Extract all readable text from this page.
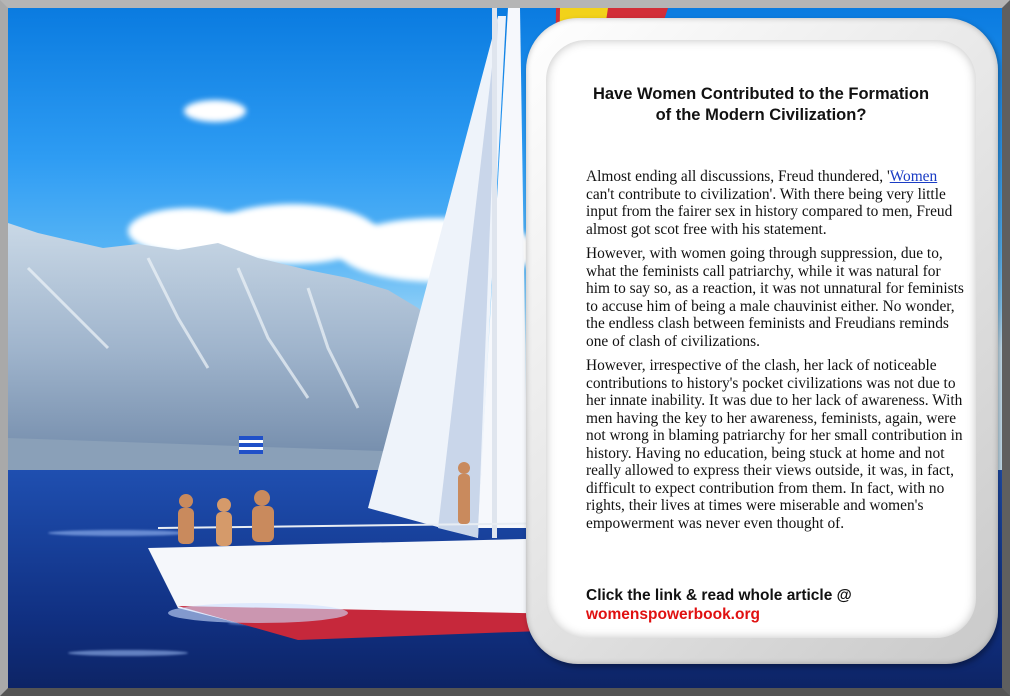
Have Women Contributed to the Formation
of the Modern Civilization?

Almost ending all discussions, Freud thundered, 'Women can't contribute to civilization'. With there being very little input from the fairer sex in history compared to men, Freud almost got scot free with his statement.

However, with women going through suppression, due to, what the feminists call patriarchy, while it was natural for him to say so, as a reaction, it was not unnatural for feminists to accuse him of being a male chauvinist either. No wonder, the endless clash between feminists and Freudians reminds one of clash of civilizations.

However, irrespective of the clash, her lack of noticeable contributions to history's pocket civilizations was not due to her innate inability. It was due to her lack of awareness. With men having the key to her awareness, feminists, again, were not wrong in blaming patriarchy for her small contribution in history. Having no education, being stuck at home and not really allowed to express their views outside, it was, in fact, difficult to expect contribution from them. In fact, with no rights, their lives at times were miserable and women's empowerment was never even thought of.

Click the link & read whole article @
womenspowerbook.org
